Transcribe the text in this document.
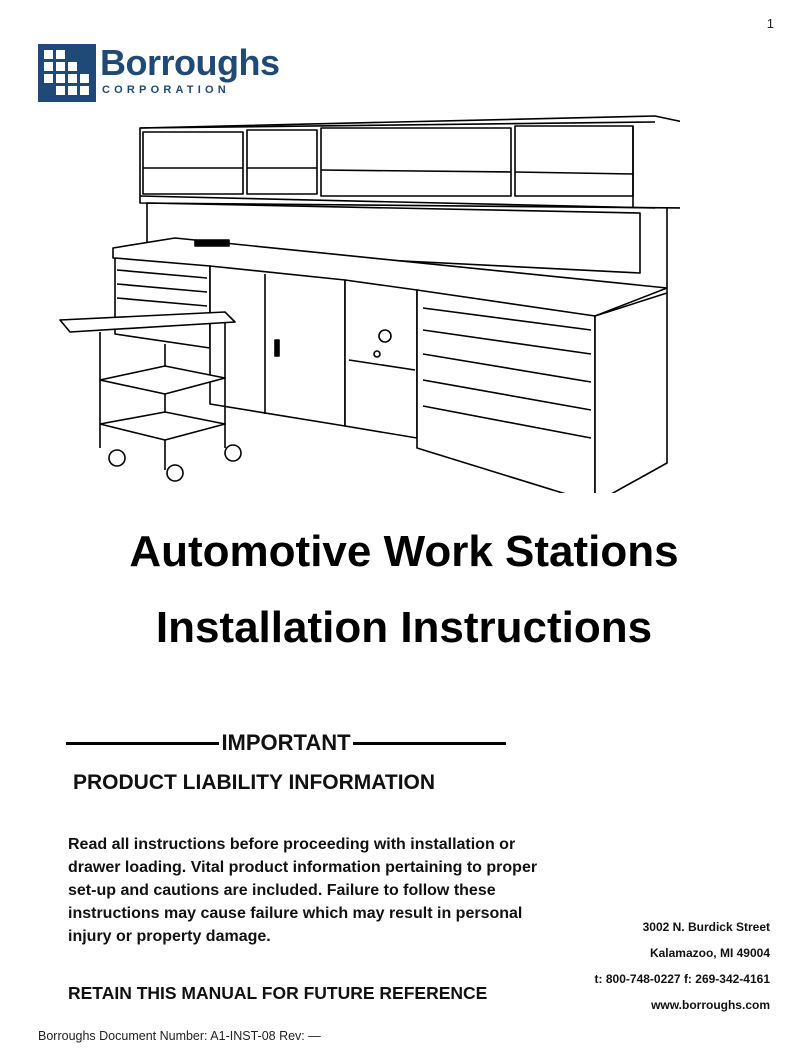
1
Borroughs
CORPORATION
Automotive Work Stations
Installation Instructions
IMPORTANT
PRODUCT LIABILITY INFORMATION

Read all instructions before proceeding with installation or drawer loading. Vital product information pertaining to proper set-up and cautions are included. Failure to follow these instructions may cause failure which may result in personal injury or property damage.

RETAIN THIS MANUAL FOR FUTURE REFERENCE
3002 N. Burdick Street
Kalamazoo, MI 49004
t: 800-748-0227 f: 269-342-4161
www.borroughs.com
Borroughs Document Number: A1-INST-08 Rev: —
